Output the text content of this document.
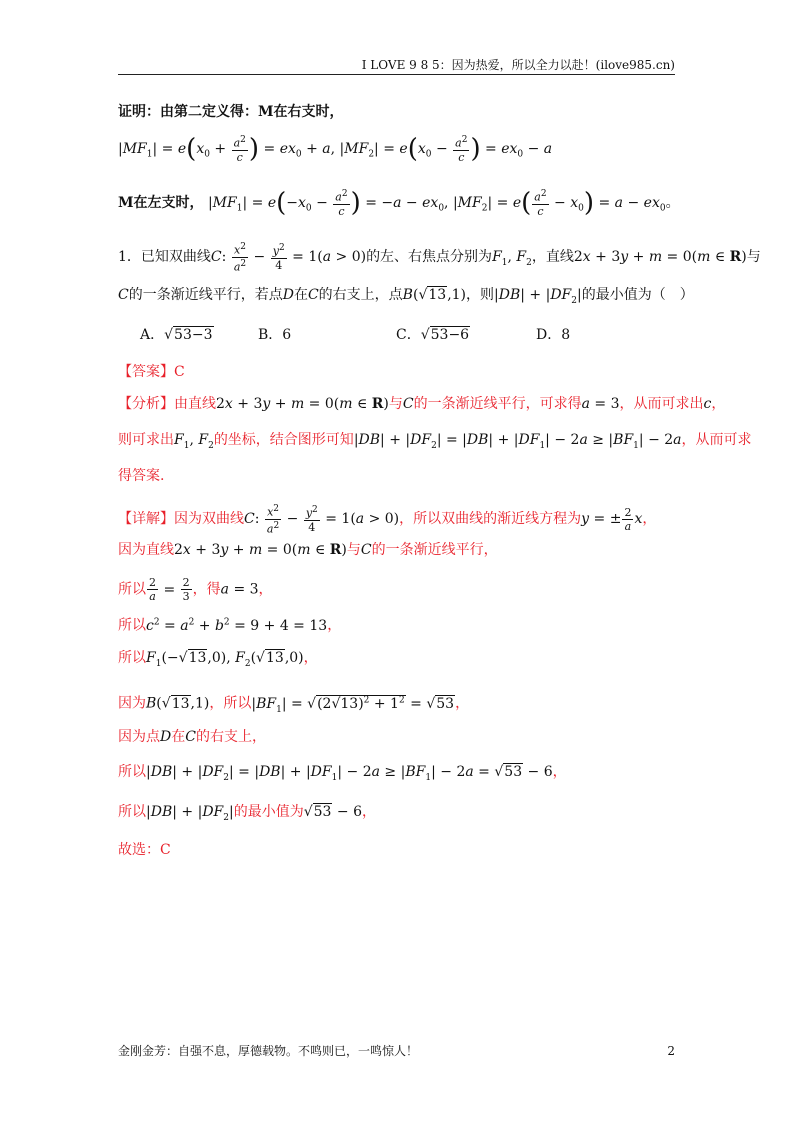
I LOVE 9 8 5：因为热爱，所以全力以赴！(ilove985.cn)
证明：由第二定义得：M在右支时，
$|MF_1| = e(x_0 + \frac{a^2}{c}$ ) = $ex_0 + a$, $|MF_2| = e(x_0 - \frac{a^2}{c}$ ) = $ex_0 - a$
M在左支时， $|MF_1| = e(-x_0 - \frac{a^2}{c}$ ) = $-a - ex_0$, $|MF_2| = e( \frac{a^2}{c} - x_0) = a - ex_0$。
1．已知双曲线C: $\frac{x^2}{a^2} - \frac{y^2}{4} = 1(a > 0)$的左、右焦点分别为$F_1$, $F_2$，直线2x + 3y + m = 0(m ∈ R)与
C的一条渐近线平行，若点D在C的右支上，点B(√13,1)，则$|DB| + |DF_2|$的最小值为（　）
A．√53−3	B．6	C．√53−6	D．8
【答案】C
【分析】由直线2x + 3y + m = 0(m ∈ R)与C的一条渐近线平行，可求得a = 3，从而可求出c，
则可求出$F_1$, $F_2$的坐标，结合图形可知$|DB| + |DF_2| = |DB| + |DF_1| - 2a \ge |BF_1| - 2a$，从而可求
得答案.
【详解】因为双曲线C: $\frac{x^2}{a^2} - \frac{y^2}{4} = 1(a > 0)$，所以双曲线的渐近线方程为y = ± $\frac{2}{a}$ x，
因为直线2x + 3y + m = 0(m ∈ R)与C的一条渐近线平行，
所以 $\frac{2}{a} = \frac{2}{3}$ ，得a = 3，
所以$c^2 = a^2 + b^2 = 9 + 4 = 13$，
所以$F_1(-√13,0)$, $F_2(√13,0)$，
因为B(√13,1)，所以$|BF_1| = √(2√13)^2 + 1^2 = √53$，
因为点D在C的右支上，
所以$|DB| + |DF_2| = |DB| + |DF_1| - 2a \ge |BF_1| - 2a = √53 - 6$，
所以$|DB| + |DF_2|$的最小值为√53 − 6，
故选：C
金刚金芳：自强不息，厚德载物。不鸣则已，一鸣惊人！	2
